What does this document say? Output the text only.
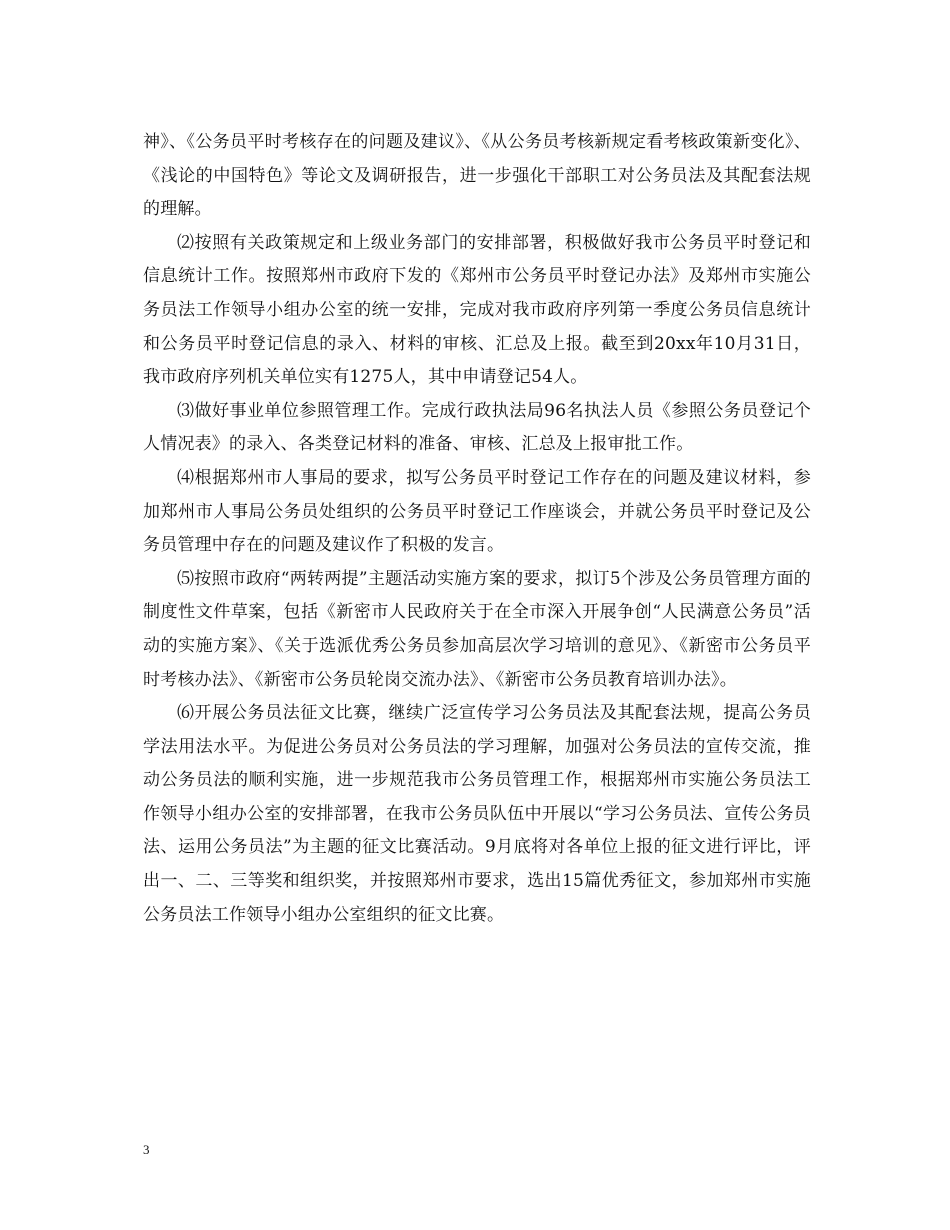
神》、《公务员平时考核存在的问题及建议》、《从公务员考核新规定看考核政策新变化》、《浅论的中国特色》等论文及调研报告，进一步强化干部职工对公务员法及其配套法规的理解。

⑵按照有关政策规定和上级业务部门的安排部署，积极做好我市公务员平时登记和信息统计工作。按照郑州市政府下发的《郑州市公务员平时登记办法》及郑州市实施公务员法工作领导小组办公室的统一安排，完成对我市政府序列第一季度公务员信息统计和公务员平时登记信息的录入、材料的审核、汇总及上报。截至到20xx年10月31日，我市政府序列机关单位实有1275人，其中申请登记54人。

⑶做好事业单位参照管理工作。完成行政执法局96名执法人员《参照公务员登记个人情况表》的录入、各类登记材料的准备、审核、汇总及上报审批工作。

⑷根据郑州市人事局的要求，拟写公务员平时登记工作存在的问题及建议材料，参加郑州市人事局公务员处组织的公务员平时登记工作座谈会，并就公务员平时登记及公务员管理中存在的问题及建议作了积极的发言。

⑸按照市政府“两转两提”主题活动实施方案的要求，拟订5个涉及公务员管理方面的制度性文件草案，包括《新密市人民政府关于在全市深入开展争创“人民满意公务员”活动的实施方案》、《关于选派优秀公务员参加高层次学习培训的意见》、《新密市公务员平时考核办法》、《新密市公务员轮岗交流办法》、《新密市公务员教育培训办法》。

⑹开展公务员法征文比赛，继续广泛宣传学习公务员法及其配套法规，提高公务员学法用法水平。为促进公务员对公务员法的学习理解，加强对公务员法的宣传交流，推动公务员法的顺利实施，进一步规范我市公务员管理工作，根据郑州市实施公务员法工作领导小组办公室的安排部署，在我市公务员队伍中开展以“学习公务员法、宣传公务员法、运用公务员法”为主题的征文比赛活动。9月底将对各单位上报的征文进行评比，评出一、二、三等奖和组织奖，并按照郑州市要求，选出15篇优秀征文，参加郑州市实施公务员法工作领导小组办公室组织的征文比赛。

3
